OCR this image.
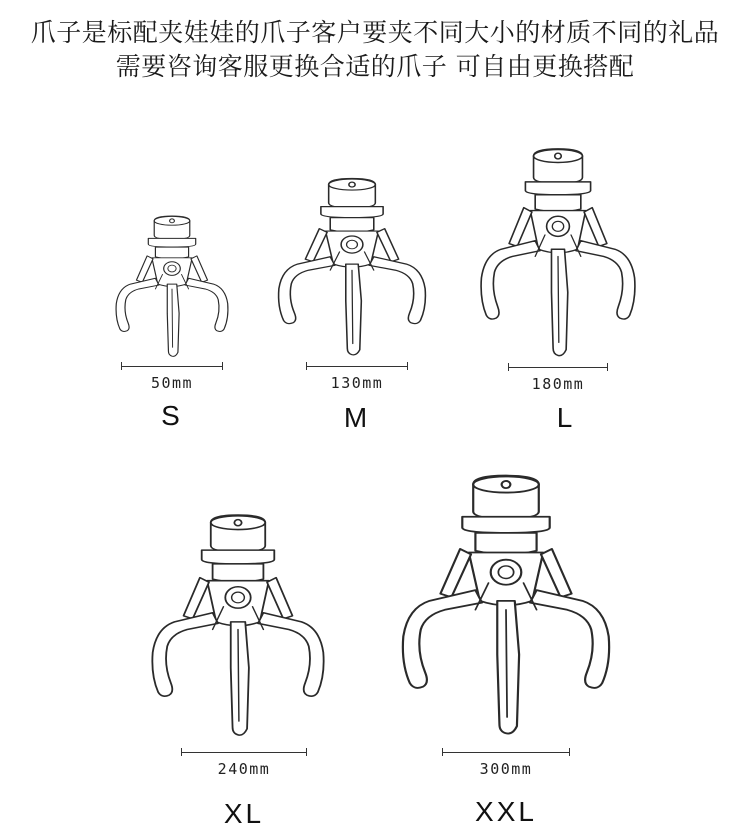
爪子是标配夹娃娃的爪子客户要夹不同大小的材质不同的礼品
需要咨询客服更换合适的爪子 可自由更换搭配
50mm
S
130mm
M
180mm
L
240mm
XL
300mm
XXL
